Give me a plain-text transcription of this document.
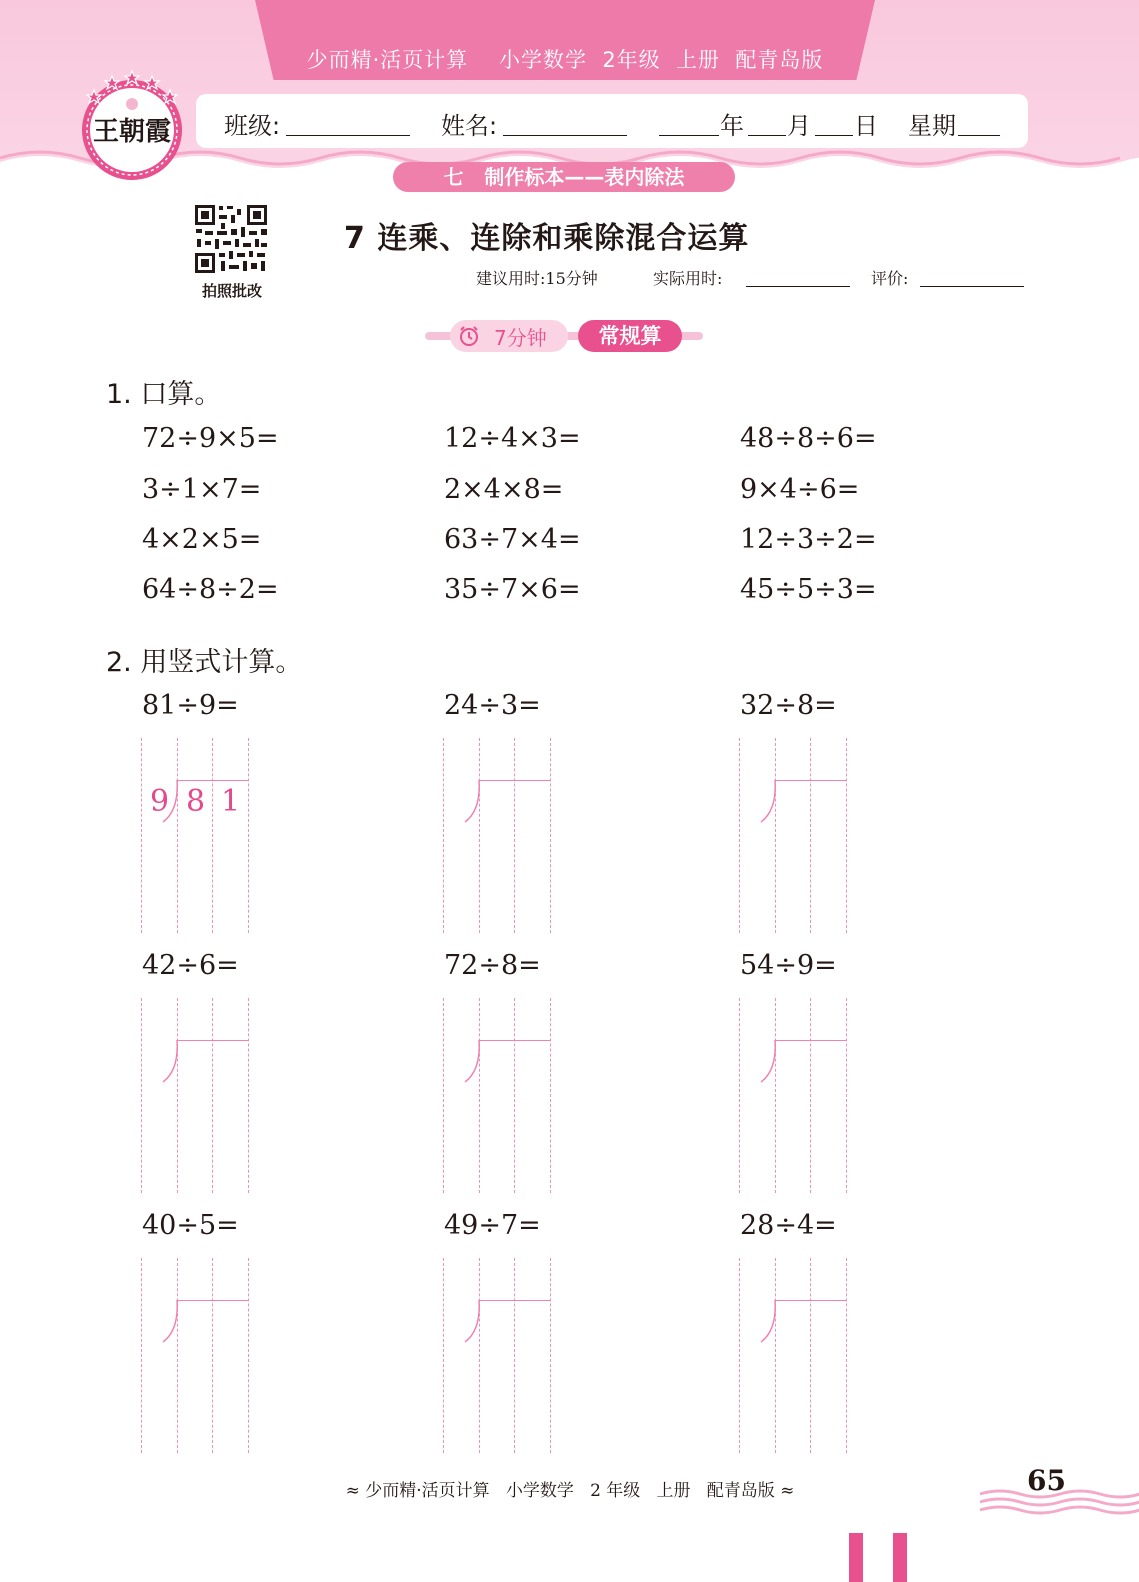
少而精·活页计算    小学数学  2年级  上册  配青岛版
班级:	姓名:	年 月 日 星期
王朝霞
七   制作标本——表内除法
拍照批改
7 连乘、连除和乘除混合运算
建议用时:15分钟	实际用时:	评价:
7分钟	常规算
1. 口算。
72÷9×5=	12÷4×3=	48÷8÷6=
3÷1×7=	2×4×8=	9×4÷6=
4×2×5=	63÷7×4=	12÷3÷2=
64÷8÷2=	35÷7×6=	45÷5÷3=
2. 用竖式计算。
81÷9=	24÷3=	32÷8=
9 8 1
42÷6=	72÷8=	54÷9=
40÷5=	49÷7=	28÷4=
≈ 少而精·活页计算   小学数学   2 年级   上册   配青岛版 ≈	65
